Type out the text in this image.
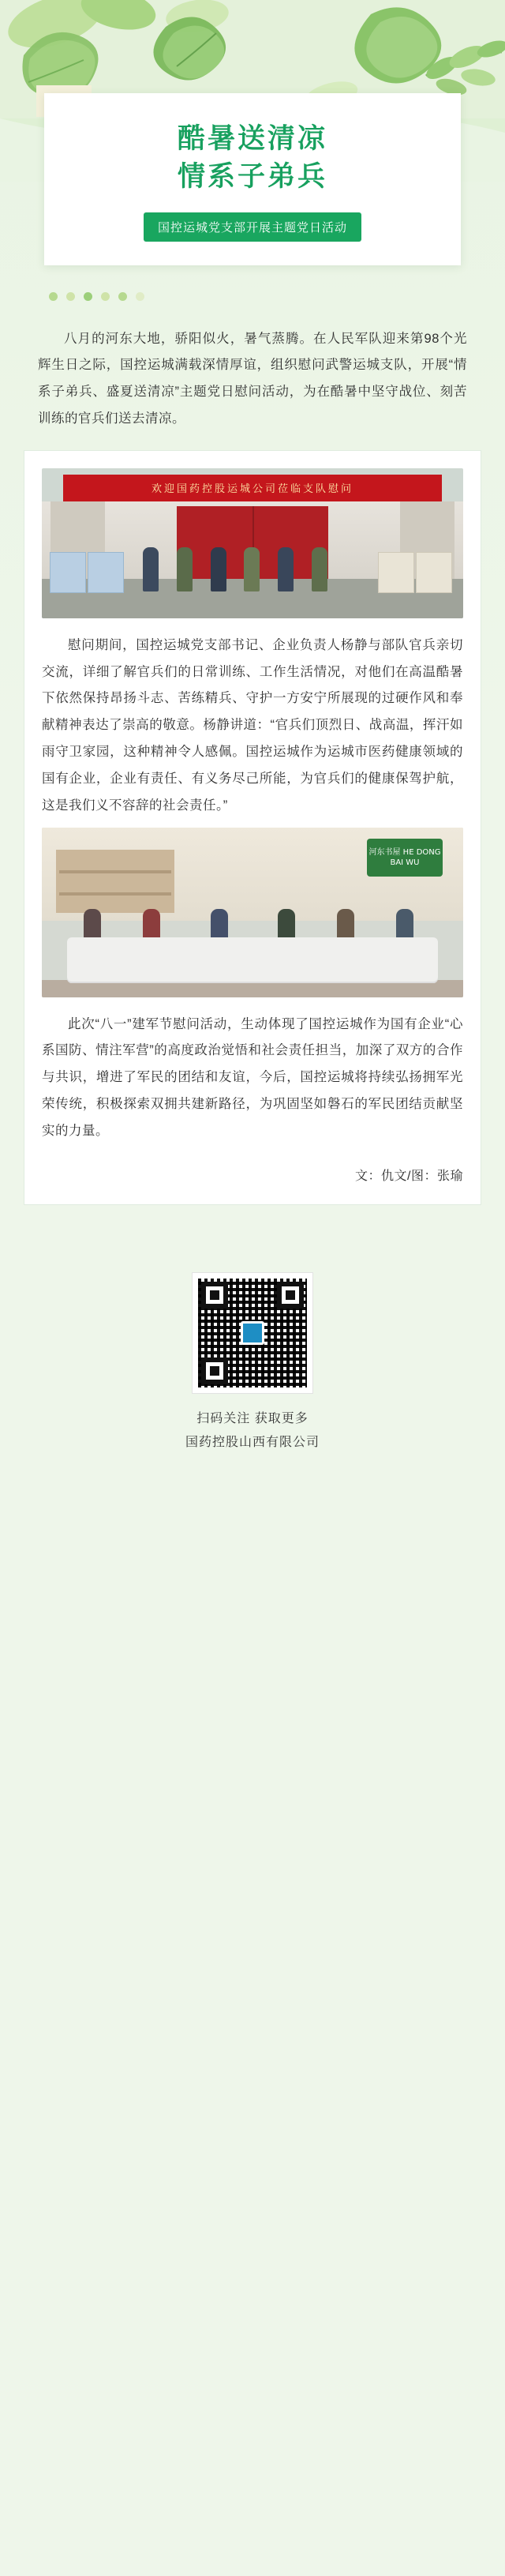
酷暑送清凉
情系子弟兵
国控运城党支部开展主题党日活动

八月的河东大地，骄阳似火，暑气蒸腾。在人民军队迎来第98个光辉生日之际，国控运城满载深情厚谊，组织慰问武警运城支队，开展“情系子弟兵、盛夏送清凉”主题党日慰问活动，为在酷暑中坚守战位、刻苦训练的官兵们送去清凉。

欢迎国药控股运城公司莅临支队慰问

慰问期间，国控运城党支部书记、企业负责人杨静与部队官兵亲切交流，详细了解官兵们的日常训练、工作生活情况，对他们在高温酷暑下依然保持昂扬斗志、苦练精兵、守护一方安宁所展现的过硬作风和奉献精神表达了崇高的敬意。杨静讲道：“官兵们顶烈日、战高温，挥汗如雨守卫家园，这种精神令人感佩。国控运城作为运城市医药健康领域的国有企业，企业有责任、有义务尽己所能，为官兵们的健康保驾护航，这是我们义不容辞的社会责任。”

河东书屋 HE DONG BAI WU

此次“八一”建军节慰问活动，生动体现了国控运城作为国有企业“心系国防、情注军营”的高度政治觉悟和社会责任担当，加深了双方的合作与共识，增进了军民的团结和友谊，今后，国控运城将持续弘扬拥军光荣传统，积极探索双拥共建新路径，为巩固坚如磐石的军民团结贡献坚实的力量。

文：仇文/图：张瑜
扫码关注 获取更多
国药控股山西有限公司
